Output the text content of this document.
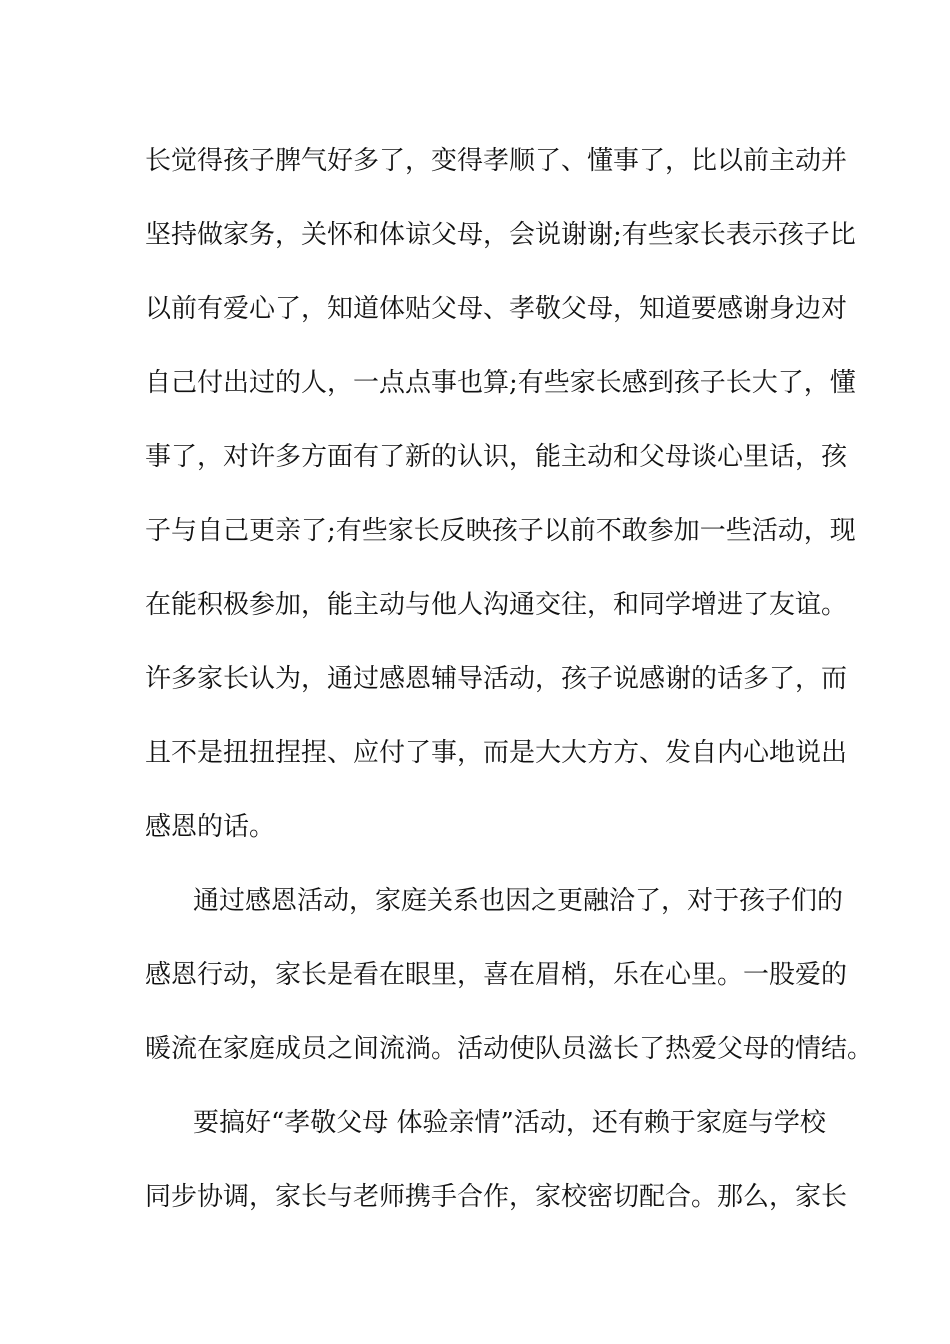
长觉得孩子脾气好多了，变得孝顺了、懂事了，比以前主动并
坚持做家务，关怀和体谅父母，会说谢谢;有些家长表示孩子比
以前有爱心了，知道体贴父母、孝敬父母，知道要感谢身边对
自己付出过的人，一点点事也算;有些家长感到孩子长大了，懂
事了，对许多方面有了新的认识，能主动和父母谈心里话，孩
子与自己更亲了;有些家长反映孩子以前不敢参加一些活动，现
在能积极参加，能主动与他人沟通交往，和同学增进了友谊。
许多家长认为，通过感恩辅导活动，孩子说感谢的话多了，而
且不是扭扭捏捏、应付了事，而是大大方方、发自内心地说出
感恩的话。
通过感恩活动，家庭关系也因之更融洽了，对于孩子们的
感恩行动，家长是看在眼里，喜在眉梢，乐在心里。一股爱的
暖流在家庭成员之间流淌。活动使队员滋长了热爱父母的情结。
要搞好“孝敬父母 体验亲情”活动，还有赖于家庭与学校
同步协调，家长与老师携手合作，家校密切配合。那么，家长
